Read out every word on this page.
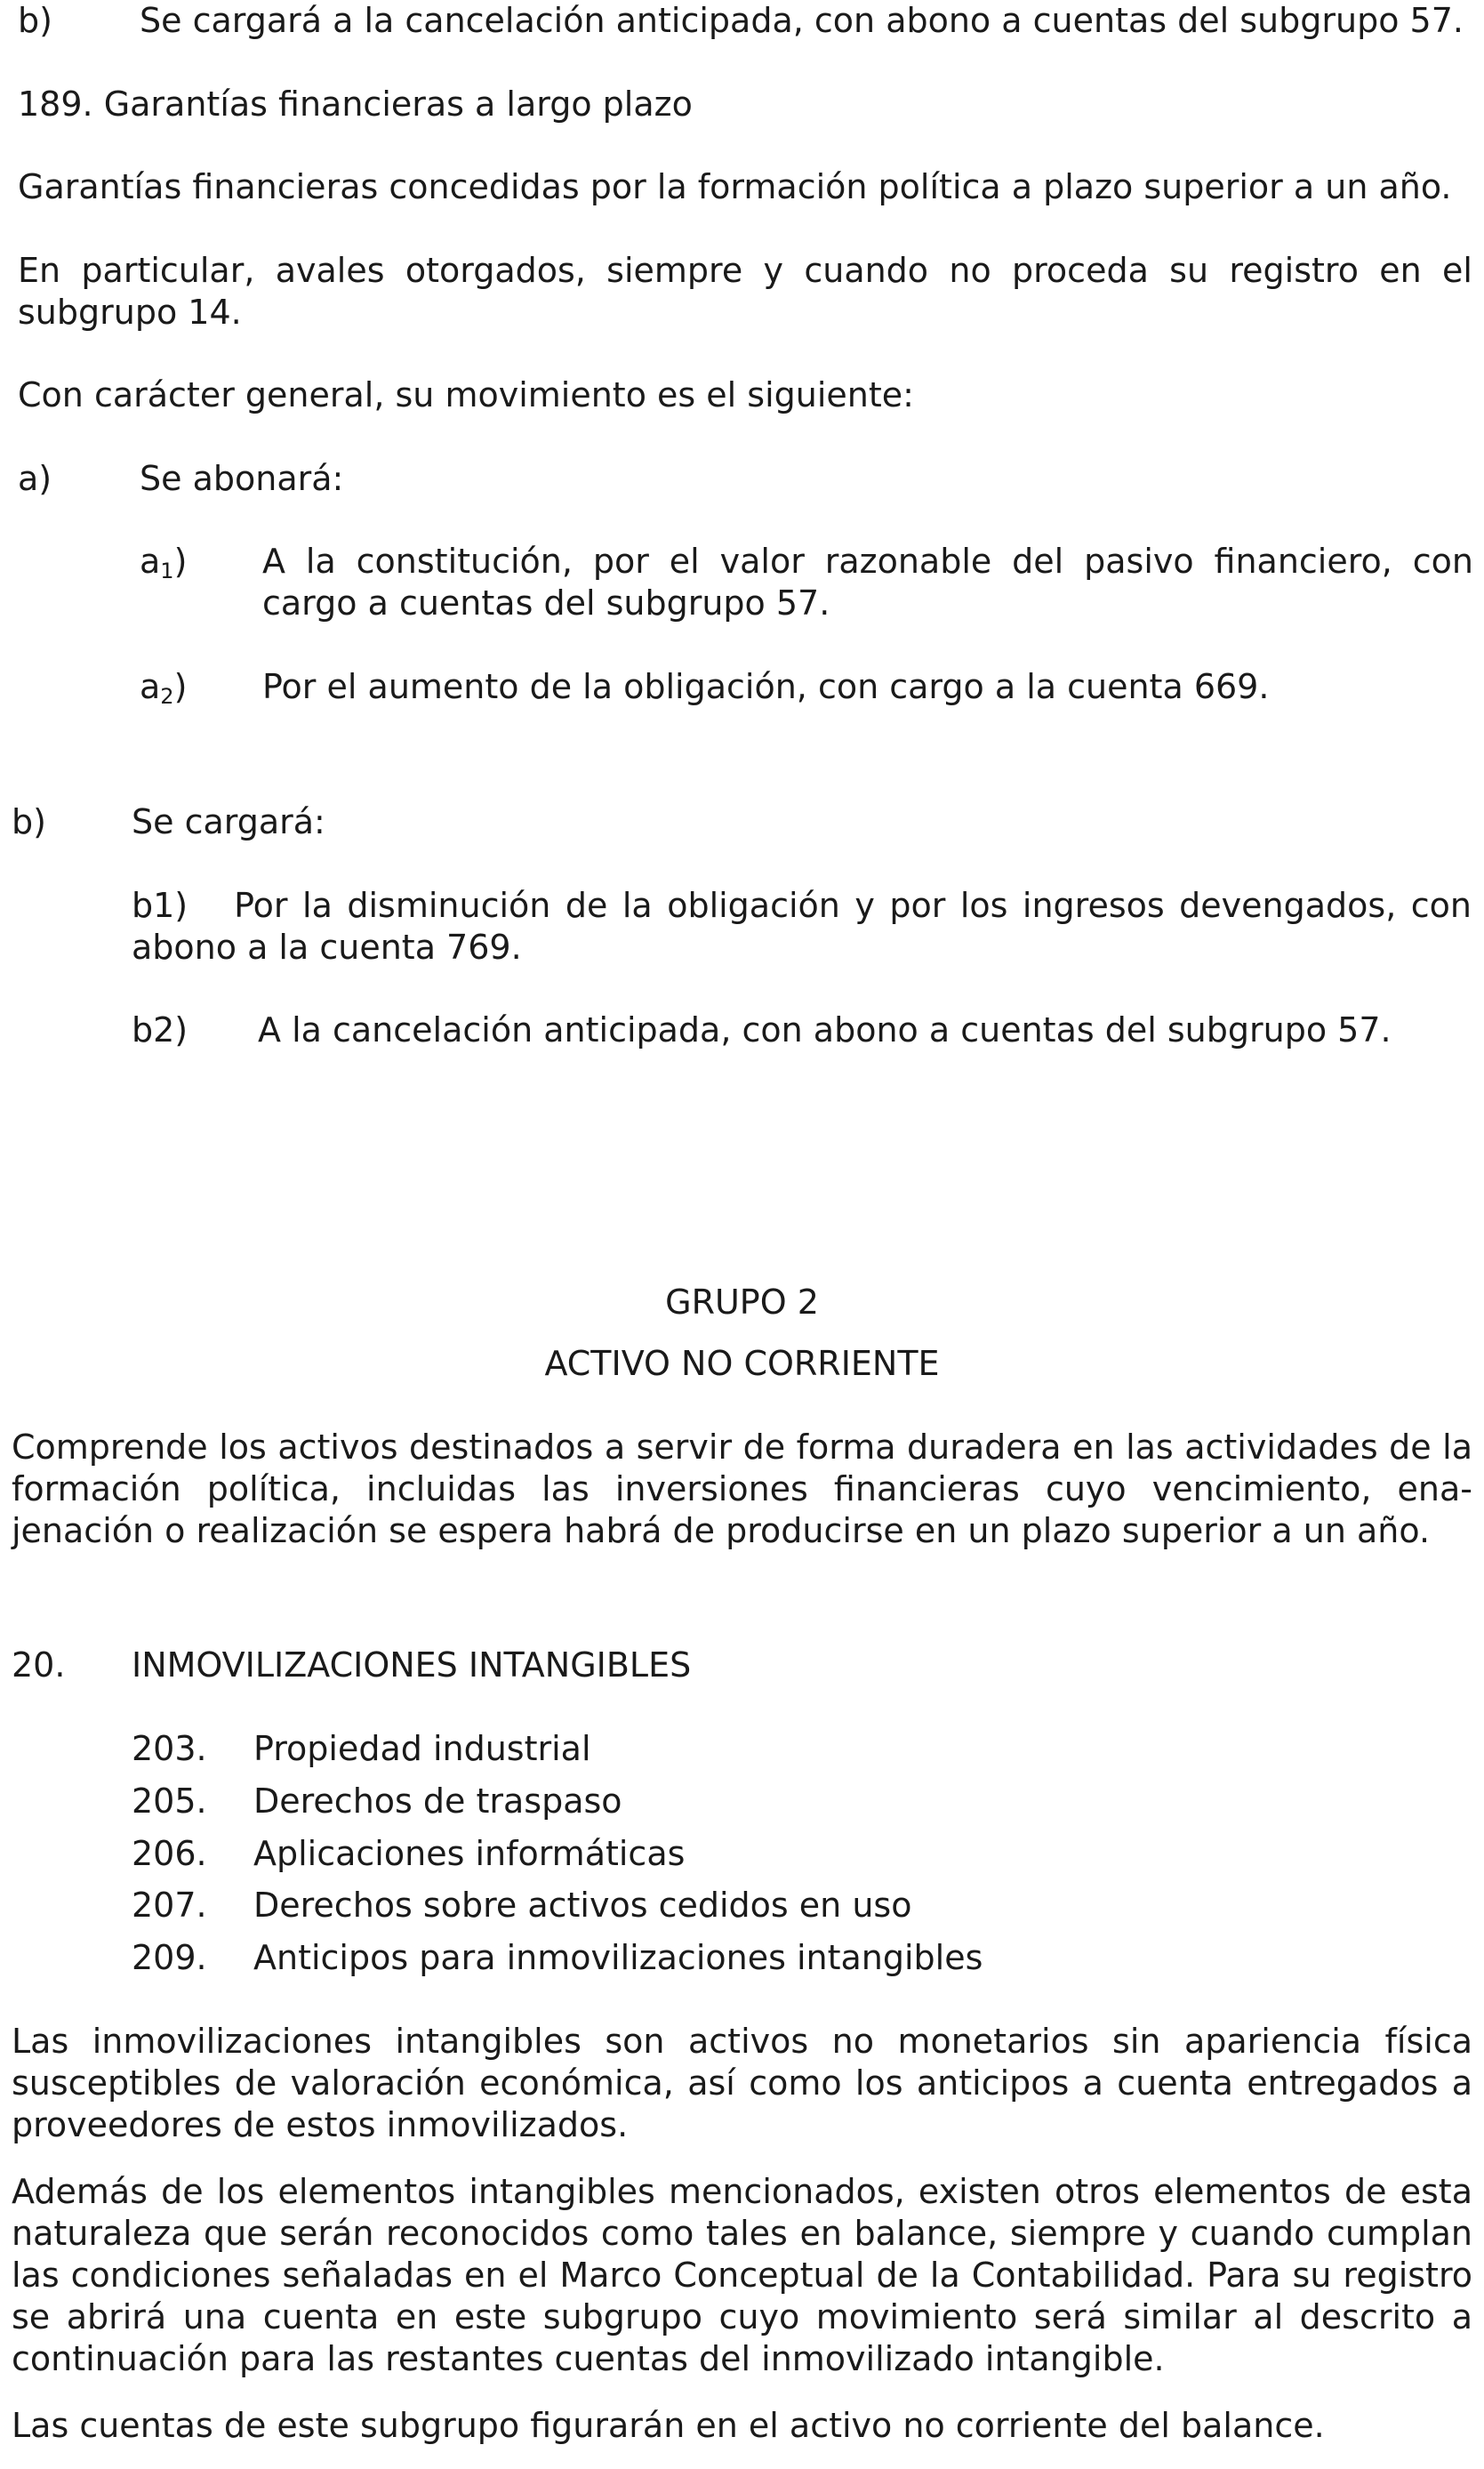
b)	Se cargará a la cancelación anticipada, con abono a cuentas del subgrupo 57.
189. Garantías financieras a largo plazo
Garantías financieras concedidas por la formación política a plazo superior a un año.
En particular, avales otorgados, siempre y cuando no proceda su registro en el subgrupo 14.
Con carácter general, su movimiento es el siguiente:
a)	Se abonará:
$a_1$) A la constitución, por el valor razonable del pasivo financiero, con cargo a cuentas del subgrupo 57.
$a_2$) Por el aumento de la obligación, con cargo a la cuenta 669.
b)	Se cargará:
b1) Por la disminución de la obligación y por los ingresos devengados, con abono a la cuenta 769.
b2) A la cancelación anticipada, con abono a cuentas del subgrupo 57.
GRUPO 2
ACTIVO NO CORRIENTE
Comprende los activos destinados a servir de forma duradera en las actividades de la formación política, incluidas las inversiones financieras cuyo vencimiento, ena-jenación o realización se espera habrá de producirse en un plazo superior a un año.
20. INMOVILIZACIONES INTANGIBLES
203. Propiedad industrial
205. Derechos de traspaso
206. Aplicaciones informáticas
207. Derechos sobre activos cedidos en uso
209. Anticipos para inmovilizaciones intangibles
Las inmovilizaciones intangibles son activos no monetarios sin apariencia física susceptibles de valoración económica, así como los anticipos a cuenta entregados a proveedores de estos inmovilizados.
Además de los elementos intangibles mencionados, existen otros elementos de esta naturaleza que serán reconocidos como tales en balance, siempre y cuando cumplan las condiciones señaladas en el Marco Conceptual de la Contabilidad. Para su registro se abrirá una cuenta en este subgrupo cuyo movimiento será similar al descrito a continuación para las restantes cuentas del inmovilizado intangible.
Las cuentas de este subgrupo figurarán en el activo no corriente del balance.
